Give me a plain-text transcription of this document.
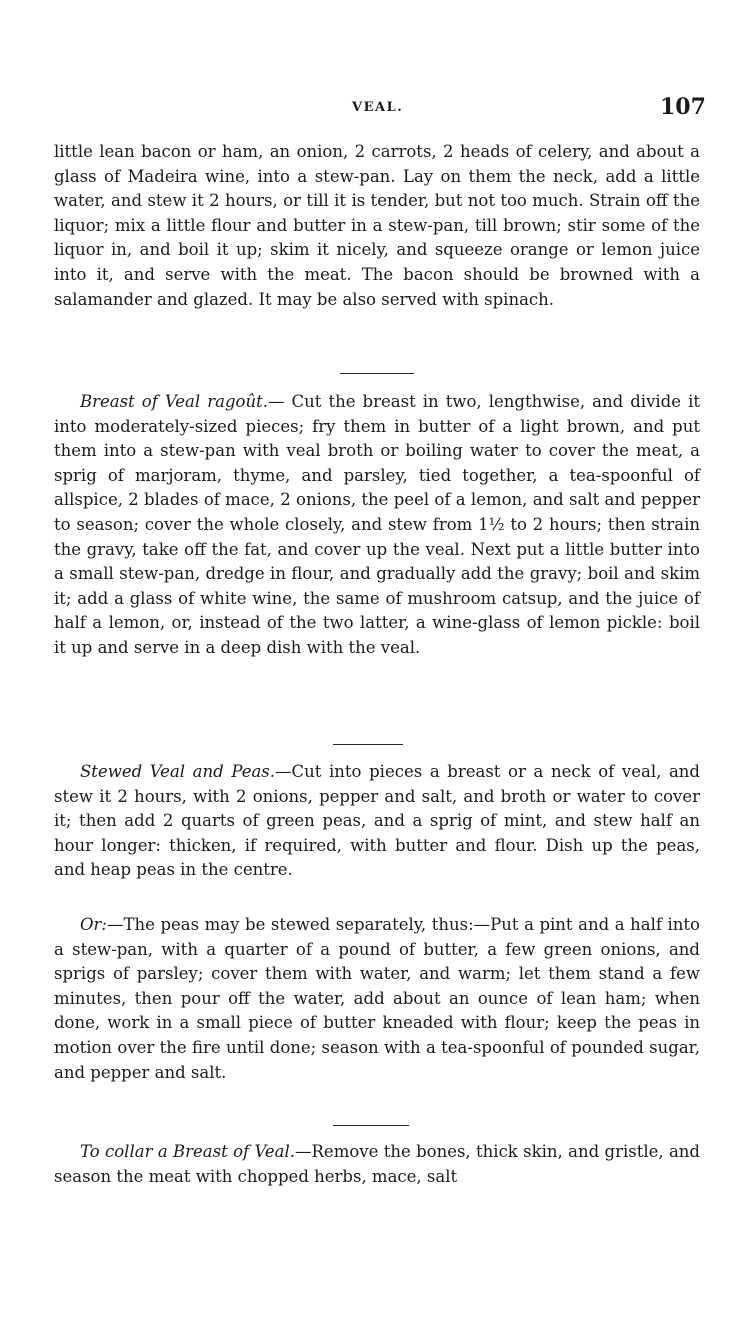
VEAL.	107

little lean bacon or ham, an onion, 2 carrots, 2 heads of celery, and about a glass of Madeira wine, into a stew-pan. Lay on them the neck, add a little water, and stew it 2 hours, or till it is tender, but not too much. Strain off the liquor; mix a little flour and butter in a stew-pan, till brown; stir some of the liquor in, and boil it up; skim it nicely, and squeeze orange or lemon juice into it, and serve with the meat. The bacon should be browned with a salamander and glazed. It may be also served with spinach.

Breast of Veal ragoût.— Cut the breast in two, lengthwise, and divide it into moderately-sized pieces; fry them in butter of a light brown, and put them into a stew-pan with veal broth or boiling water to cover the meat, a sprig of marjoram, thyme, and parsley, tied together, a tea-spoonful of allspice, 2 blades of mace, 2 onions, the peel of a lemon, and salt and pepper to season; cover the whole closely, and stew from 1½ to 2 hours; then strain the gravy, take off the fat, and cover up the veal. Next put a little butter into a small stew-pan, dredge in flour, and gradually add the gravy; boil and skim it; add a glass of white wine, the same of mushroom catsup, and the juice of half a lemon, or, instead of the two latter, a wine-glass of lemon pickle: boil it up and serve in a deep dish with the veal.

Stewed Veal and Peas.—Cut into pieces a breast or a neck of veal, and stew it 2 hours, with 2 onions, pepper and salt, and broth or water to cover it; then add 2 quarts of green peas, and a sprig of mint, and stew half an hour longer: thicken, if required, with butter and flour. Dish up the peas, and heap peas in the centre.

Or:—The peas may be stewed separately, thus:—Put a pint and a half into a stew-pan, with a quarter of a pound of butter, a few green onions, and sprigs of parsley; cover them with water, and warm; let them stand a few minutes, then pour off the water, add about an ounce of lean ham; when done, work in a small piece of butter kneaded with flour; keep the peas in motion over the fire until done; season with a tea-spoonful of pounded sugar, and pepper and salt.

To collar a Breast of Veal.—Remove the bones, thick skin, and gristle, and season the meat with chopped herbs, mace, salt
